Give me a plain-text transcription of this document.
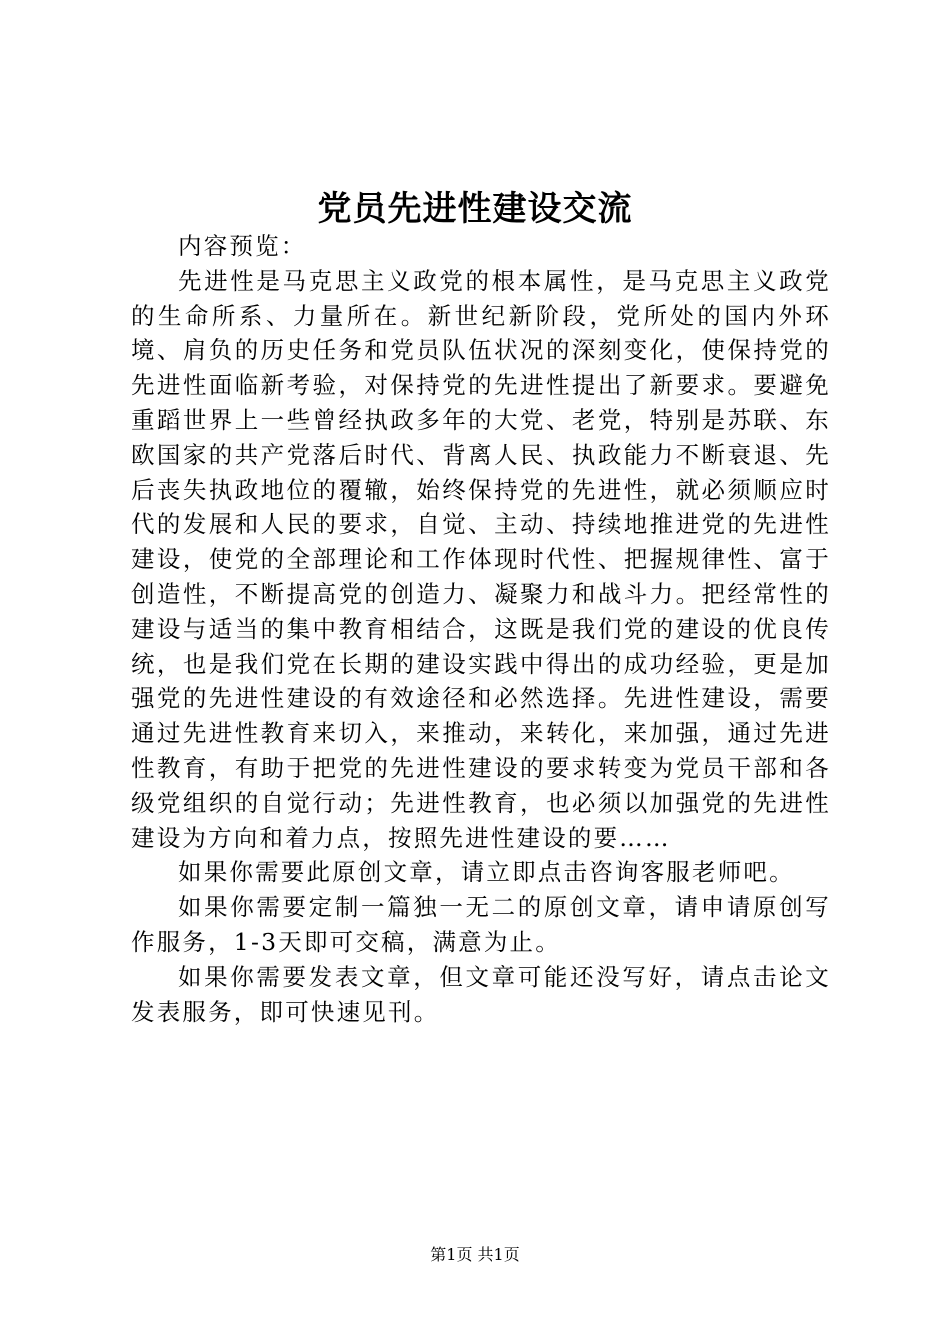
党员先进性建设交流

内容预览：

先进性是马克思主义政党的根本属性，是马克思主义政党的生命所系、力量所在。新世纪新阶段，党所处的国内外环境、肩负的历史任务和党员队伍状况的深刻变化，使保持党的先进性面临新考验，对保持党的先进性提出了新要求。要避免重蹈世界上一些曾经执政多年的大党、老党，特别是苏联、东欧国家的共产党落后时代、背离人民、执政能力不断衰退、先后丧失执政地位的覆辙，始终保持党的先进性，就必须顺应时代的发展和人民的要求，自觉、主动、持续地推进党的先进性建设，使党的全部理论和工作体现时代性、把握规律性、富于创造性，不断提高党的创造力、凝聚力和战斗力。把经常性的建设与适当的集中教育相结合，这既是我们党的建设的优良传统，也是我们党在长期的建设实践中得出的成功经验，更是加强党的先进性建设的有效途径和必然选择。先进性建设，需要通过先进性教育来切入，来推动，来转化，来加强，通过先进性教育，有助于把党的先进性建设的要求转变为党员干部和各级党组织的自觉行动；先进性教育，也必须以加强党的先进性建设为方向和着力点，按照先进性建设的要……

如果你需要此原创文章，请立即点击咨询客服老师吧。

如果你需要定制一篇独一无二的原创文章，请申请原创写作服务，1-3天即可交稿，满意为止。

如果你需要发表文章，但文章可能还没写好，请点击论文发表服务，即可快速见刊。

第1页 共1页
